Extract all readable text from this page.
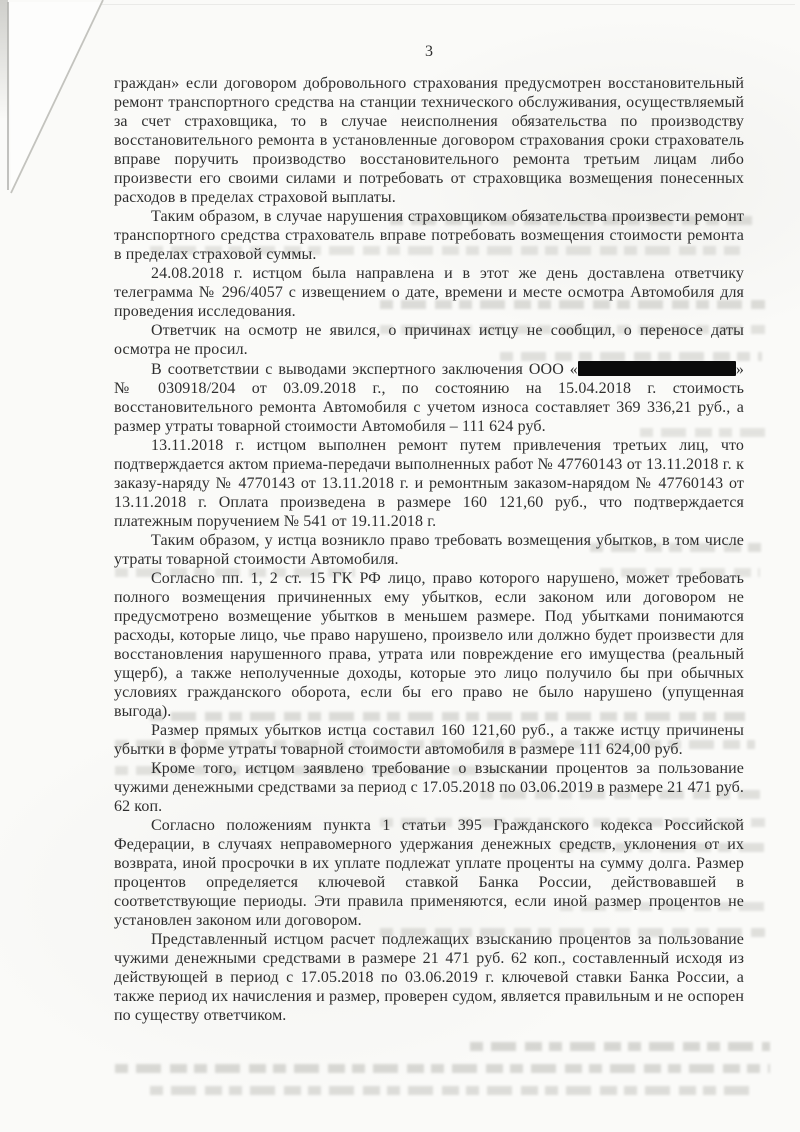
3

граждан» если договором добровольного страхования предусмотрен восстановительный ремонт транспортного средства на станции технического обслуживания, осуществляемый за счет страховщика, то в случае неисполнения обязательства по производству восстановительного ремонта в установленные договором страхования сроки страхователь вправе поручить производство восстановительного ремонта третьим лицам либо произвести его своими силами и потребовать от страховщика возмещения понесенных расходов в пределах страховой выплаты.

Таким образом, в случае нарушения страховщиком обязательства произвести ремонт транспортного средства страхователь вправе потребовать возмещения стоимости ремонта в пределах страховой суммы.

24.08.2018 г. истцом была направлена и в этот же день доставлена ответчику телеграмма № 296/4057 с извещением о дате, времени и месте осмотра Автомобиля для проведения исследования.

Ответчик на осмотр не явился, о причинах истцу не сообщил, о переносе даты осмотра не просил.

В соответствии с выводами экспертного заключения ООО «	» № 030918/204 от 03.09.2018 г., по состоянию на 15.04.2018 г. стоимость восстановительного ремонта Автомобиля с учетом износа составляет 369 336,21 руб., а размер утраты товарной стоимости Автомобиля – 111 624 руб.

13.11.2018 г. истцом выполнен ремонт путем привлечения третьих лиц, что подтверждается актом приема-передачи выполненных работ № 47760143 от 13.11.2018 г. к заказу-наряду № 4770143 от 13.11.2018 г. и ремонтным заказом-нарядом № 47760143 от 13.11.2018 г. Оплата произведена в размере 160 121,60 руб., что подтверждается платежным поручением № 541 от 19.11.2018 г.

Таким образом, у истца возникло право требовать возмещения убытков, в том числе утраты товарной стоимости Автомобиля.

Согласно пп. 1, 2 ст. 15 ГК РФ лицо, право которого нарушено, может требовать полного возмещения причиненных ему убытков, если законом или договором не предусмотрено возмещение убытков в меньшем размере. Под убытками понимаются расходы, которые лицо, чье право нарушено, произвело или должно будет произвести для восстановления нарушенного права, утрата или повреждение его имущества (реальный ущерб), а также неполученные доходы, которые это лицо получило бы при обычных условиях гражданского оборота, если бы его право не было нарушено (упущенная выгода).

Размер прямых убытков истца составил 160 121,60 руб., а также истцу причинены убытки в форме утраты товарной стоимости автомобиля в размере 111 624,00 руб.

Кроме того, истцом заявлено требование о взыскании процентов за пользование чужими денежными средствами за период с 17.05.2018 по 03.06.2019 в размере 21 471 руб. 62 коп.

Согласно положениям пункта 1 статьи 395 Гражданского кодекса Российской Федерации, в случаях неправомерного удержания денежных средств, уклонения от их возврата, иной просрочки в их уплате подлежат уплате проценты на сумму долга. Размер процентов определяется ключевой ставкой Банка России, действовавшей в соответствующие периоды. Эти правила применяются, если иной размер процентов не установлен законом или договором.

Представленный истцом расчет подлежащих взысканию процентов за пользование чужими денежными средствами в размере 21 471 руб. 62 коп., составленный исходя из действующей в период с 17.05.2018 по 03.06.2019 г. ключевой ставки Банка России, а также период их начисления и размер, проверен судом, является правильным и не оспорен по существу ответчиком.
